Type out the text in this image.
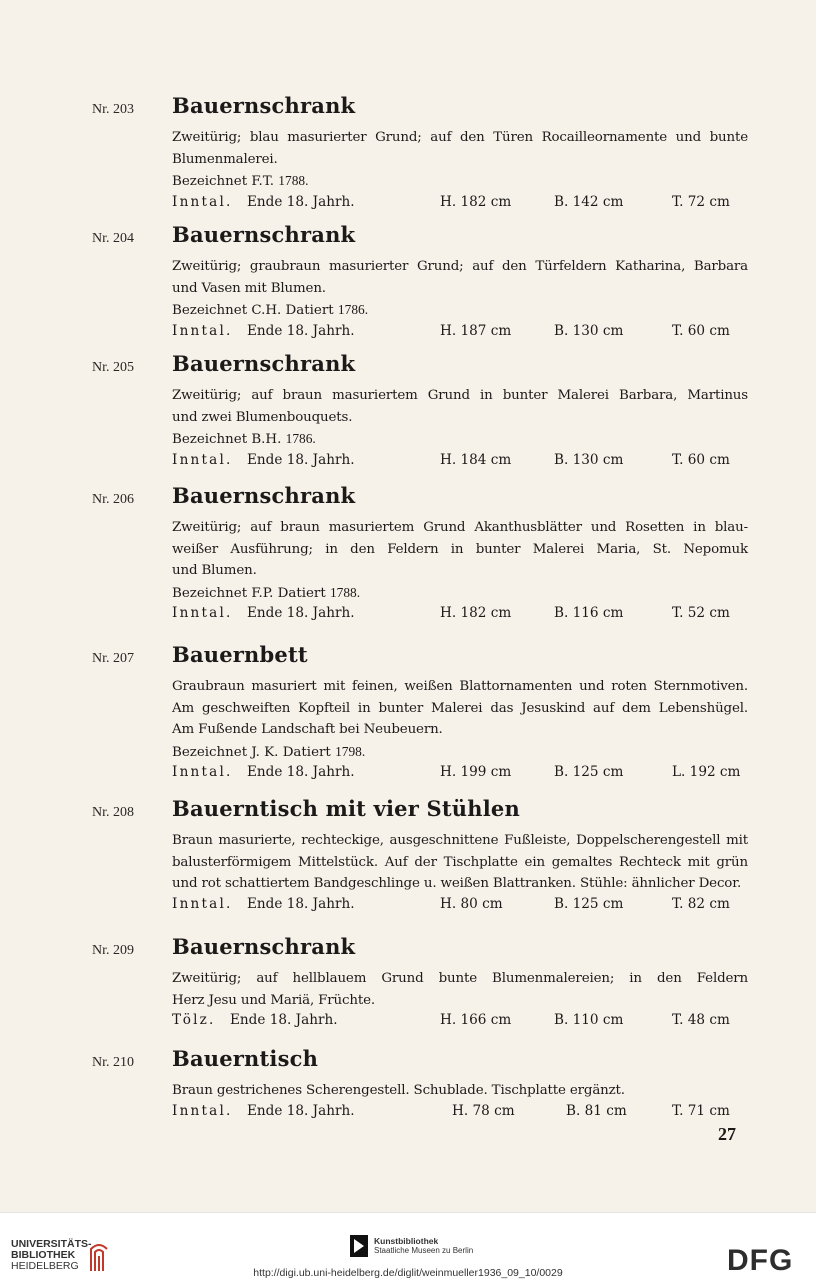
Nr. 203 Bauernschrank
Zweitürig; blau masurierter Grund; auf den Türen Rocailleornamente und bunte
Blumenmalerei.
Bezeichnet F.T. 1788.
Inntal. Ende 18. Jahrh.	H. 182 cm	B. 142 cm	T. 72 cm
Nr. 204 Bauernschrank
Zweitürig; graubraun masurierter Grund; auf den Türfeldern Katharina, Barbara
und Vasen mit Blumen.
Bezeichnet C.H. Datiert 1786.
Inntal. Ende 18. Jahrh.	H. 187 cm	B. 130 cm	T. 60 cm
Nr. 205 Bauernschrank
Zweitürig; auf braun masuriertem Grund in bunter Malerei Barbara, Martinus
und zwei Blumenbouquets.
Bezeichnet B.H. 1786.
Inntal. Ende 18. Jahrh.	H. 184 cm	B. 130 cm	T. 60 cm
Nr. 206 Bauernschrank
Zweitürig; auf braun masuriertem Grund Akanthusblätter und Rosetten in blau-
weißer Ausführung; in den Feldern in bunter Malerei Maria, St. Nepomuk
und Blumen.
Bezeichnet F.P. Datiert 1788.
Inntal. Ende 18. Jahrh.	H. 182 cm	B. 116 cm	T. 52 cm
Nr. 207 Bauernbett
Graubraun masuriert mit feinen, weißen Blattornamenten und roten Sternmotiven.
Am geschweiften Kopfteil in bunter Malerei das Jesuskind auf dem Lebenshügel.
Am Fußende Landschaft bei Neubeuern.
Bezeichnet J. K. Datiert 1798.
Inntal. Ende 18. Jahrh.	H. 199 cm	B. 125 cm	L. 192 cm
Nr. 208 Bauerntisch mit vier Stühlen
Braun masurierte, rechteckige, ausgeschnittene Fußleiste, Doppelscherengestell mit
balusterförmigem Mittelstück. Auf der Tischplatte ein gemaltes Rechteck mit grün
und rot schattiertem Bandgeschlinge u. weißen Blattranken. Stühle: ähnlicher Decor.
Inntal. Ende 18. Jahrh.	H. 80 cm	B. 125 cm	T. 82 cm
Nr. 209 Bauernschrank
Zweitürig; auf hellblauem Grund bunte Blumenmalereien; in den Feldern
Herz Jesu und Mariä, Früchte.
Tölz. Ende 18. Jahrh.	H. 166 cm	B. 110 cm	T. 48 cm
Nr. 210 Bauerntisch
Braun gestrichenes Scherengestell. Schublade. Tischplatte ergänzt.
Inntal. Ende 18. Jahrh.	H. 78 cm	B. 81 cm	T. 71 cm
27
UNIVERSITÄTS-
BIBLIOTHEK
HEIDELBERG
Kunstbibliothek
Staatliche Museen zu Berlin	DFG
http://digi.ub.uni-heidelberg.de/diglit/weinmueller1936_09_10/0029
